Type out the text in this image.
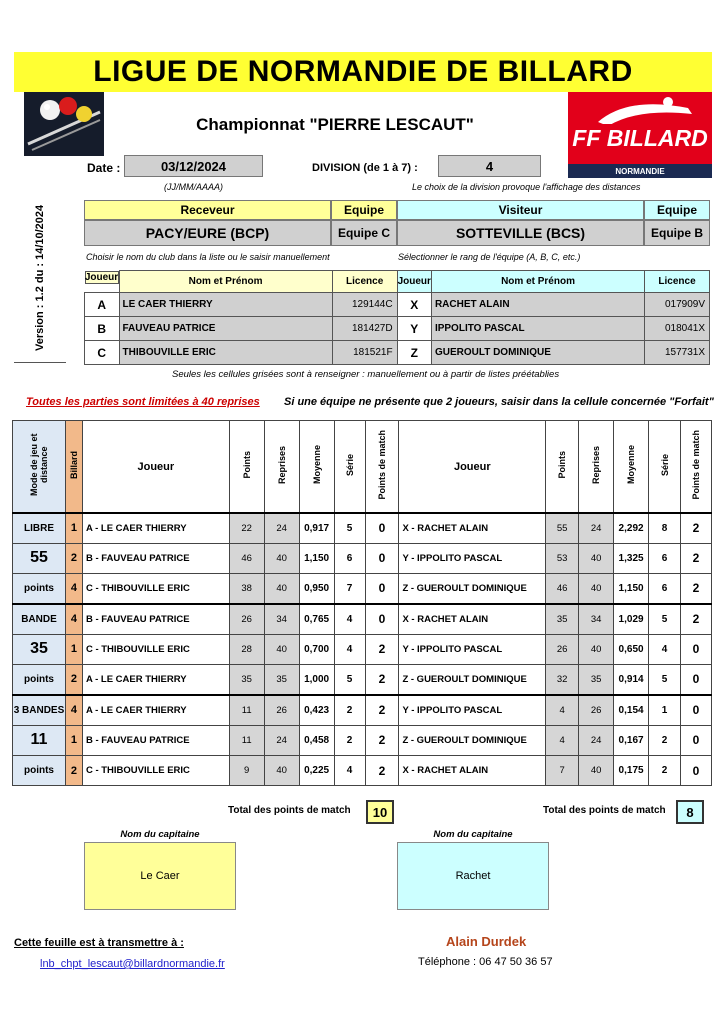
LIGUE DE NORMANDIE DE BILLARD
Championnat "PIERRE LESCAUT"	FF BILLARD
NORMANDIE
Version : 1.2 du : 14/10/2024
Date :	03/12/2024	DIVISION (de 1 à 7) :	4
(JJ/MM/AAAA)	Le choix de la division provoque l'affichage des distances
Receveur	Equipe	Visiteur	Equipe
PACY/EURE (BCP)	Equipe C	SOTTEVILLE (BCS)	Equipe B
Choisir le nom du club dans la liste ou le saisir manuellement	Sélectionner le rang de l'équipe (A, B, C, etc.)
Joueur	Nom et Prénom	Licence	Joueur	Nom et Prénom	Licence
A	LE CAER THIERRY	129144C	X	RACHET ALAIN	017909V
B	FAUVEAU PATRICE	181427D	Y	IPPOLITO PASCAL	018041X
C	THIBOUVILLE ERIC	181521F	Z	GUEROULT DOMINIQUE	157731X
Seules les cellules grisées sont à renseigner : manuellement ou à partir de listes préétablies
Toutes les parties sont limitées à 40 reprises Si une équipe ne présente que 2 joueurs, saisir dans la cellule concernée "Forfait"
Mode de jeu et distance	Billard	Joueur	Points	Reprises	Moyenne	Série	Points de match	Joueur	Points	Reprises	Moyenne	Série	Points de match
LIBRE	1	A - LE CAER THIERRY	22	24	0,917	5	0	X - RACHET ALAIN	55	24	2,292	8	2
55	2	B - FAUVEAU PATRICE	46	40	1,150	6	0	Y - IPPOLITO PASCAL	53	40	1,325	6	2
points	4	C - THIBOUVILLE ERIC	38	40	0,950	7	0	Z - GUEROULT DOMINIQUE	46	40	1,150	6	2
BANDE	4	B - FAUVEAU PATRICE	26	34	0,765	4	0	X - RACHET ALAIN	35	34	1,029	5	2
35	1	C - THIBOUVILLE ERIC	28	40	0,700	4	2	Y - IPPOLITO PASCAL	26	40	0,650	4	0
points	2	A - LE CAER THIERRY	35	35	1,000	5	2	Z - GUEROULT DOMINIQUE	32	35	0,914	5	0
3 BANDES	4	A - LE CAER THIERRY	11	26	0,423	2	2	Y - IPPOLITO PASCAL	4	26	0,154	1	0
11	1	B - FAUVEAU PATRICE	11	24	0,458	2	2	Z - GUEROULT DOMINIQUE	4	24	0,167	2	0
points	2	C - THIBOUVILLE ERIC	9	40	0,225	4	2	X - RACHET ALAIN	7	40	0,175	2	0
Total des points de match	10	Total des points de match	8
Nom du capitaine
Le Caer
Nom du capitaine
Rachet
Cette feuille est à transmettre à :
lnb_chpt_lescaut@billardnormandie.fr
Alain Durdek
Téléphone : 06 47 50 36 57
